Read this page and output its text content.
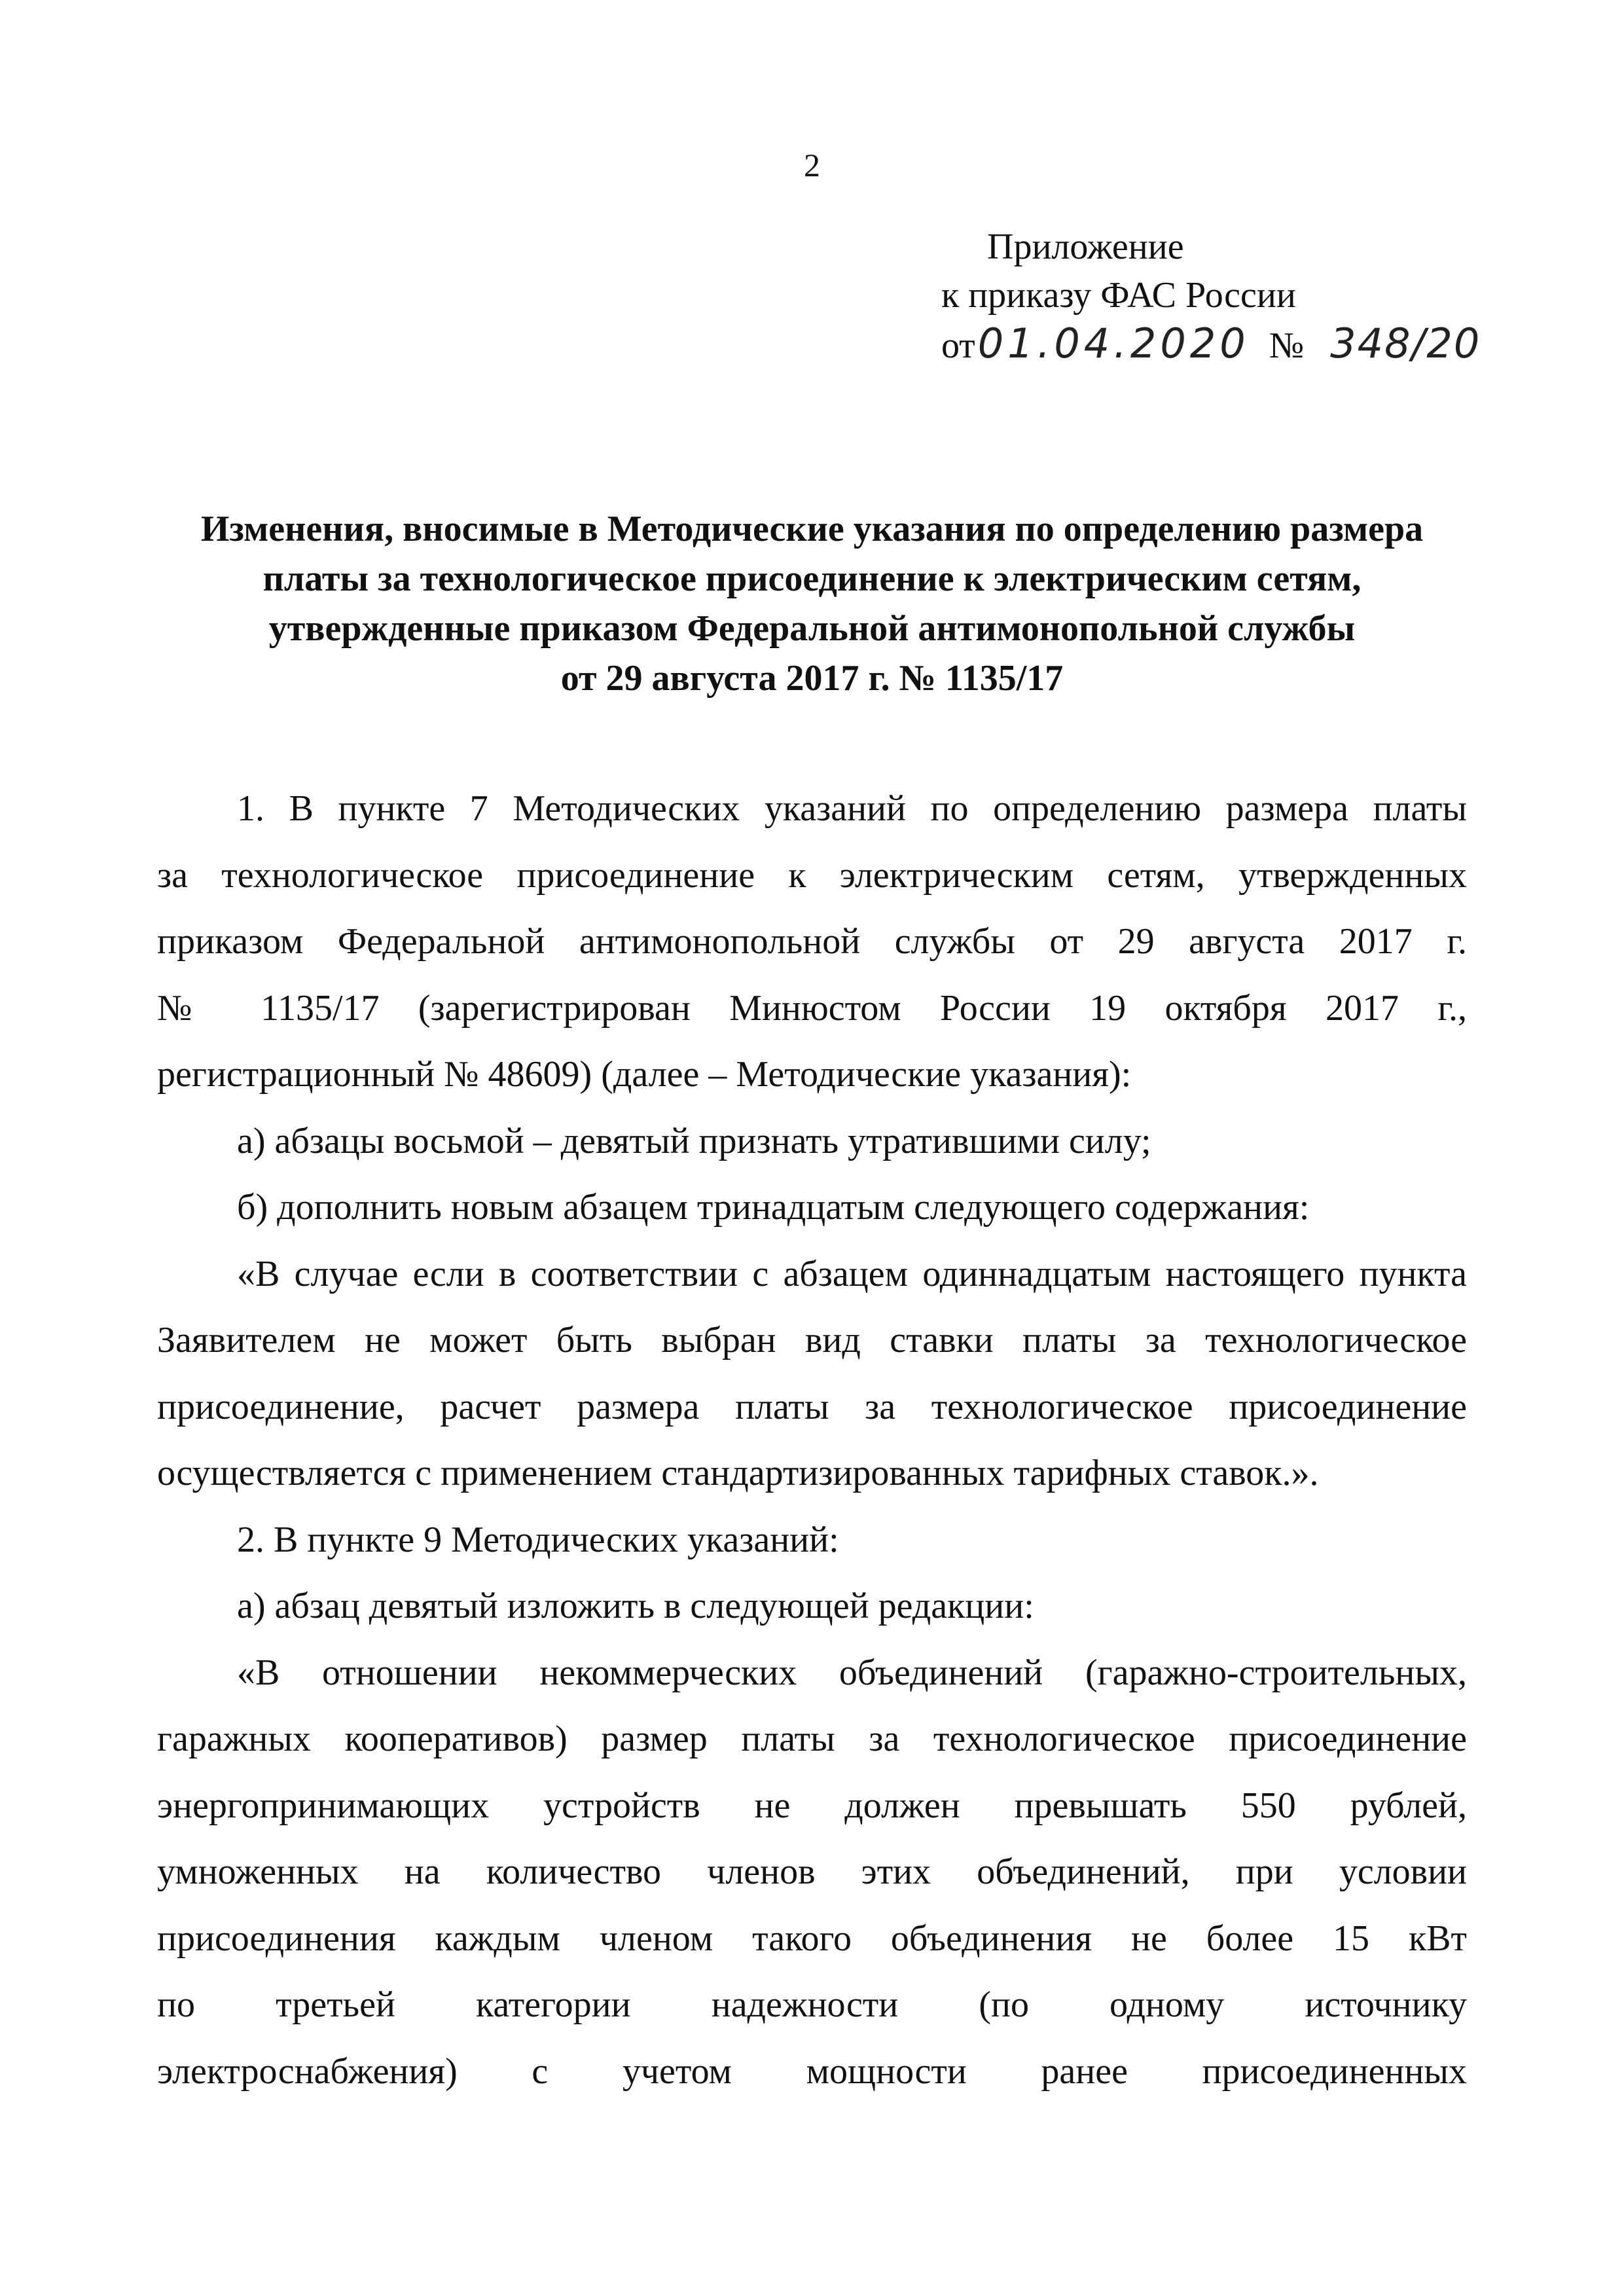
2
Приложение
к приказу ФАС России
от01.04.2020 № 348/20
Изменения, вносимые в Методические указания по определению размера
платы за технологическое присоединение к электрическим сетям,
утвержденные приказом Федеральной антимонопольной службы
от 29 августа 2017 г. № 1135/17
1. В пункте 7 Методических указаний по определению размера платы
за технологическое присоединение к электрическим сетям, утвержденных
приказом Федеральной антимонопольной службы от 29 августа 2017 г.
№ 1135/17 (зарегистрирован Минюстом России 19 октября 2017 г.,
регистрационный № 48609) (далее – Методические указания):
а) абзацы восьмой – девятый признать утратившими силу;
б) дополнить новым абзацем тринадцатым следующего содержания:
«В случае если в соответствии с абзацем одиннадцатым настоящего пункта
Заявителем не может быть выбран вид ставки платы за технологическое
присоединение, расчет размера платы за технологическое присоединение
осуществляется с применением стандартизированных тарифных ставок.».
2. В пункте 9 Методических указаний:
а) абзац девятый изложить в следующей редакции:
«В отношении некоммерческих объединений (гаражно-строительных,
гаражных кооперативов) размер платы за технологическое присоединение
энергопринимающих устройств не должен превышать 550 рублей,
умноженных на количество членов этих объединений, при условии
присоединения каждым членом такого объединения не более 15 кВт
по третьей категории надежности (по одному источнику
электроснабжения) с учетом мощности ранее присоединенных
